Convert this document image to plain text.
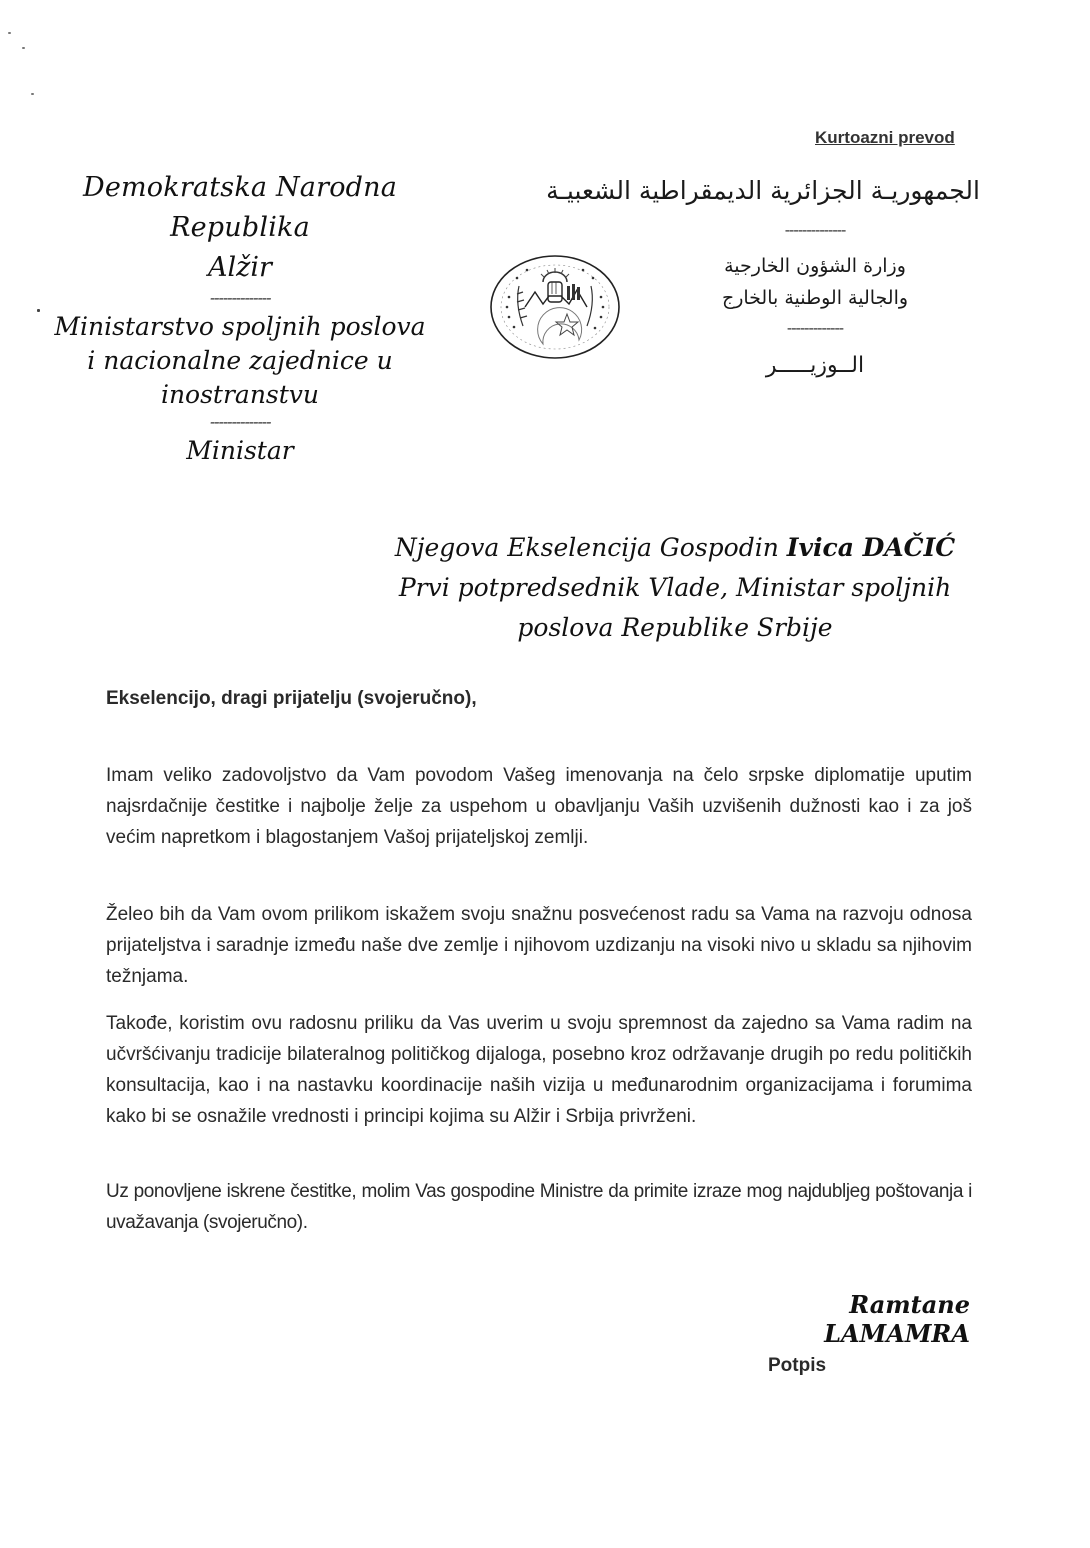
Kurtoazni prevod
Demokratska Narodna Republika
Alžir
--------------
Ministarstvo spoljnih poslova
i nacionalne zajednice u inostranstvu
--------------
Ministar
الجمهوريـة الجزائرية الديمقراطية الشعبيـة
--------------
وزارة الشؤون الخارجية
والجالية الوطنية بالخارج
-------------
الــوزيـــــر
Njegova Ekselencija Gospodin Ivica DAČIĆ
Prvi potpredsednik Vlade, Ministar spoljnih
poslova Republike Srbije
Ekselencijo, dragi prijatelju (svojeručno),
Imam veliko zadovoljstvo da Vam povodom Vašeg imenovanja na čelo srpske diplomatije uputim najsrdačnije čestitke i najbolje želje za uspehom u obavljanju Vaših uzvišenih dužnosti kao i za još većim napretkom i blagostanjem Vašoj prijateljskoj zemlji.
Želeo bih da Vam ovom prilikom iskažem svoju snažnu posvećenost radu sa Vama na razvoju odnosa prijateljstva i saradnje između naše dve zemlje i njihovom uzdizanju na visoki nivo u skladu sa njihovim težnjama.
Takođe, koristim ovu radosnu priliku da Vas uverim u svoju spremnost da zajedno sa Vama radim na učvršćivanju tradicije bilateralnog političkog dijaloga, posebno kroz održavanje drugih po redu političkih konsultacija, kao i na nastavku koordinacije naših vizija u međunarodnim organizacijama i forumima kako bi se osnažile vrednosti i principi kojima su Alžir i Srbija privrženi.
Uz ponovljene iskrene čestitke, molim Vas gospodine Ministre da primite izraze mog najdubljeg poštovanja i uvažavanja (svojeručno).
Ramtane LAMAMRA
Potpis
